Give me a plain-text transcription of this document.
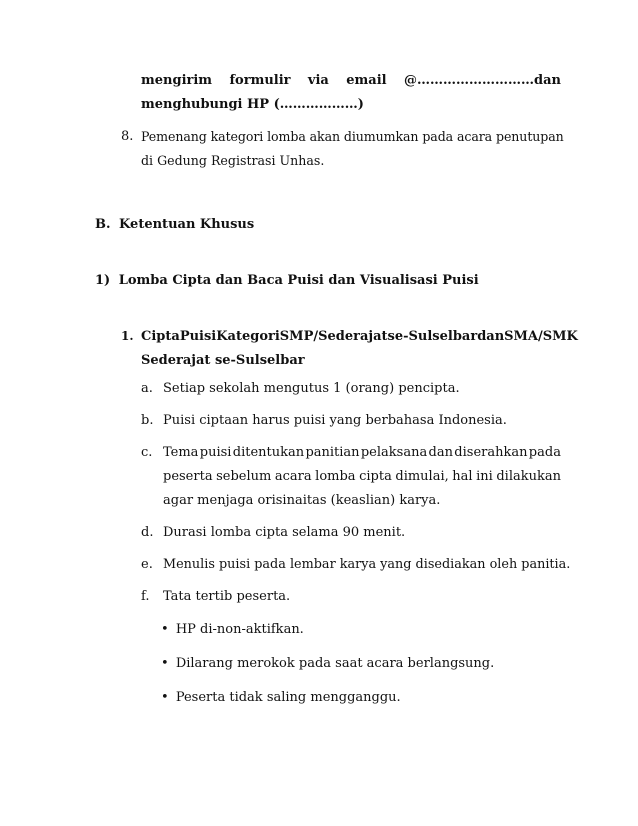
mengirim formulir via email @………………………dan
menghubungi HP (………………)
8. Pemenang kategori lomba akan diumumkan pada acara penutupan
di Gedung Registrasi Unhas.
B. Ketentuan Khusus
1) Lomba Cipta dan Baca Puisi dan Visualisasi Puisi
1. Cipta Puisi Kategori SMP/Sederajat se-Sulselbar dan SMA/SMK
Sederajat se-Sulselbar
a. Setiap sekolah mengutus 1 (orang) pencipta.
b. Puisi ciptaan harus puisi yang berbahasa Indonesia.
c. Tema puisi ditentukan panitian pelaksana dan diserahkan pada
peserta sebelum acara lomba cipta dimulai, hal ini dilakukan
agar menjaga orisinaitas (keaslian) karya.
d. Durasi lomba cipta selama 90 menit.
e. Menulis puisi pada lembar karya yang disediakan oleh panitia.
f. Tata tertib peserta.
• HP di-non-aktifkan.
• Dilarang merokok pada saat acara berlangsung.
• Peserta tidak saling mengganggu.
